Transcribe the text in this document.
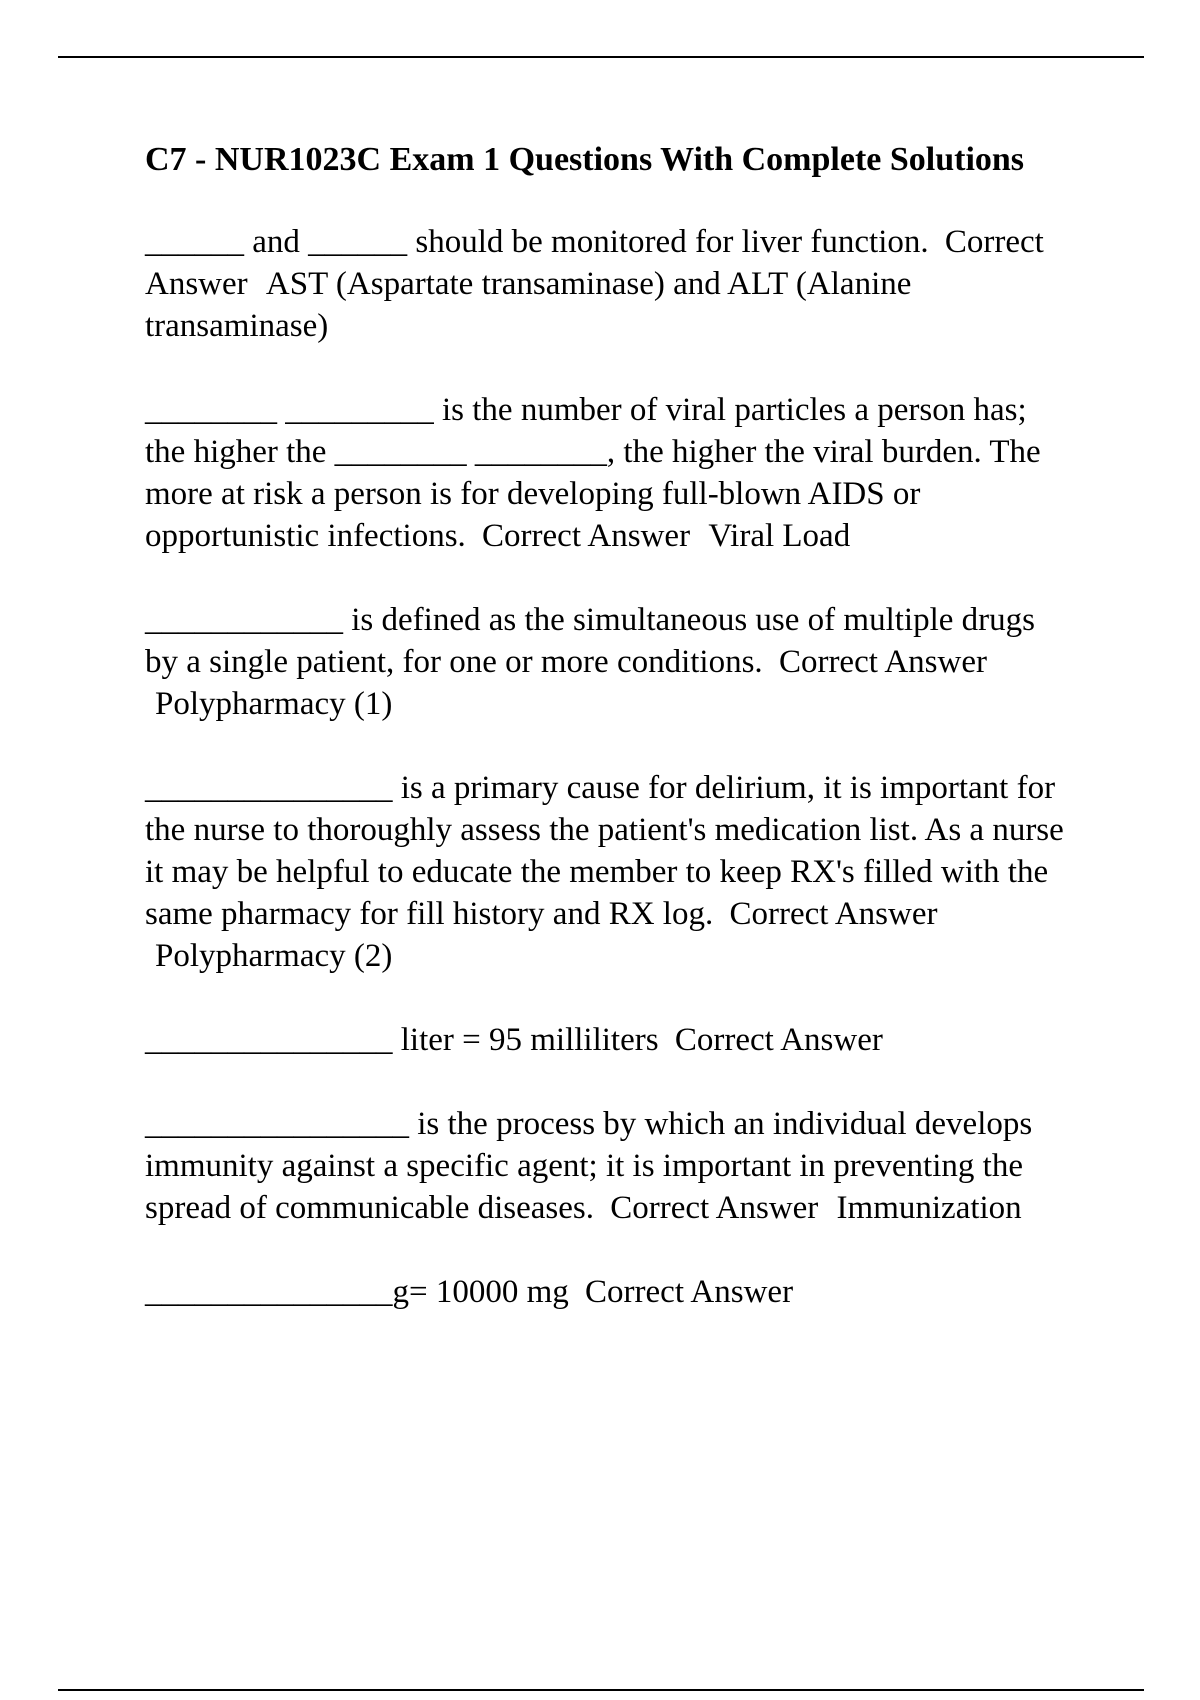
C7 - NUR1023C Exam 1 Questions With Complete Solutions
______ and ______ should be monitored for liver function. Correct Answer AST (Aspartate transaminase) and ALT (Alanine transaminase)
________ _________ is the number of viral particles a person has; the higher the ________ ________, the higher the viral burden. The more at risk a person is for developing full-blown AIDS or opportunistic infections. Correct Answer Viral Load
____________ is defined as the simultaneous use of multiple drugs by a single patient, for one or more conditions. Correct Answer Polypharmacy (1)
_______________ is a primary cause for delirium, it is important for the nurse to thoroughly assess the patient's medication list. As a nurse it may be helpful to educate the member to keep RX's filled with the same pharmacy for fill history and RX log. Correct Answer Polypharmacy (2)
_______________ liter = 95 milliliters Correct Answer
________________ is the process by which an individual develops immunity against a specific agent; it is important in preventing the spread of communicable diseases. Correct Answer Immunization
_______________g= 10000 mg Correct Answer
